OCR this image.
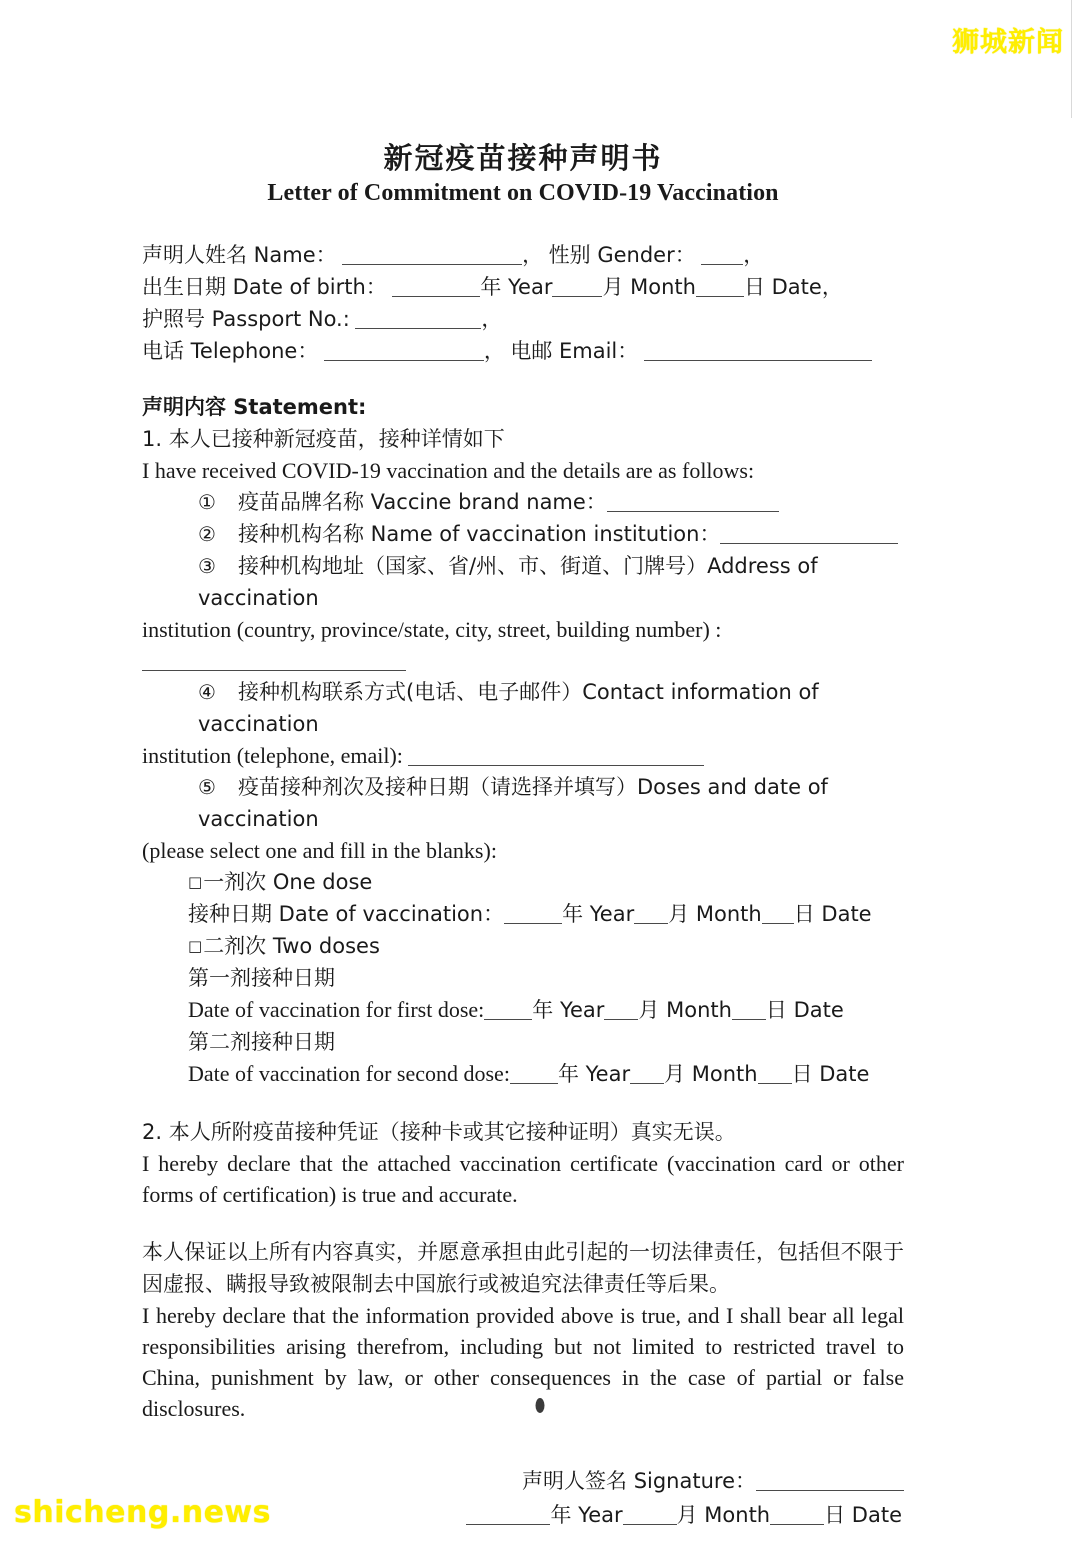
狮城新闻
shicheng.news
新冠疫苗接种声明书
Letter of Commitment on COVID-19 Vaccination

声明人姓名 Name：	， 性别 Gender： ，

出生日期 Date of birth：	年 Year 月 Month 日 Date，

护照号 Passport No.:	，

电话 Telephone：	， 电邮 Email：

声明内容 Statement:

1. 本人已接种新冠疫苗，接种详情如下

I have received COVID-19 vaccination and the details are as follows:

① 疫苗品牌名称 Vaccine brand name：

② 接种机构名称 Name of vaccination institution：

③ 接种机构地址（国家、省/州、市、街道、门牌号）Address of vaccination

institution (country, province/state, city, street, building number) :

④ 接种机构联系方式(电话、电子邮件）Contact information of vaccination

institution (telephone, email):

⑤ 疫苗接种剂次及接种日期（请选择并填写）Doses and date of vaccination

(please select one and fill in the blanks):

□一剂次 One dose

接种日期 Date of vaccination：	年 Year 月 Month 日 Date

□二剂次 Two doses

第一剂接种日期

Date of vaccination for first dose: 年 Year 月 Month 日 Date

第二剂接种日期

Date of vaccination for second dose: 年 Year 月 Month 日 Date

2. 本人所附疫苗接种凭证（接种卡或其它接种证明）真实无误。

I hereby declare that the attached vaccination certificate (vaccination card or other forms of certification) is true and accurate.

本人保证以上所有内容真实，并愿意承担由此引起的一切法律责任，包括但不限于因虚报、瞒报导致被限制去中国旅行或被追究法律责任等后果。

I hereby declare that the information provided above is true, and I shall bear all legal responsibilities arising therefrom, including but not limited to restricted travel to China, punishment by law, or other consequences in the case of partial or false disclosures.

声明人签名 Signature：
年 Year	月 Month	日 Date
